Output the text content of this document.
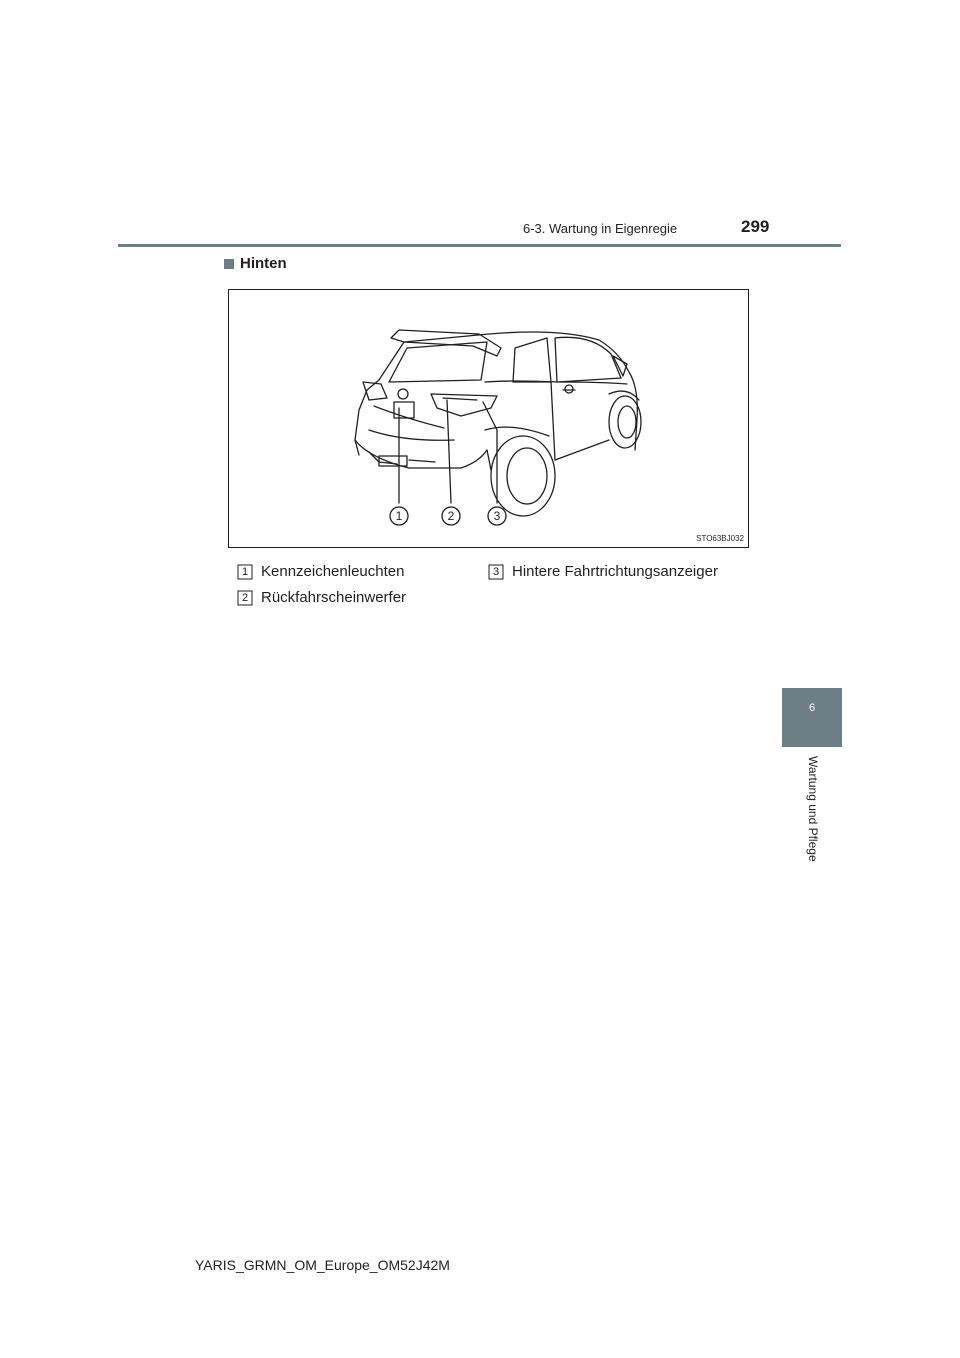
6-3. Wartung in Eigenregie	299
Hinten
1	2	3
STO63BJ032
1 Kennzeichenleuchten
2 Rückfahrscheinwerfer
3 Hintere Fahrtrichtungsanzeiger
6
Wartung und Pflege
YARIS_GRMN_OM_Europe_OM52J42M
